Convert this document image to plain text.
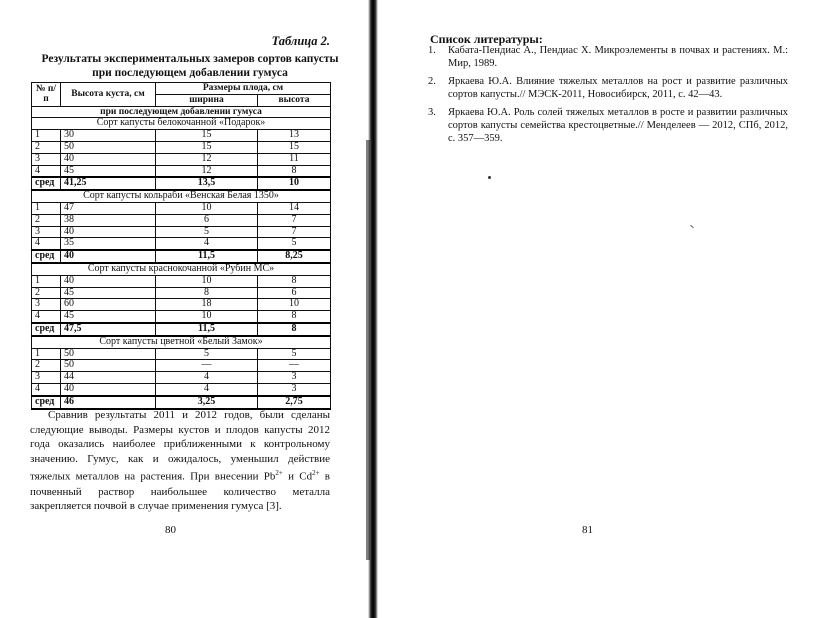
Таблица 2.
Результаты экспериментальных замеров сортов капусты
при последующем добавлении гумуса
№ п/п	Высота куста, см	Размеры плода, см	
		ширина	высота
при последующем добавлении гумуса			
Сорт капусты белокочанной «Подарок»			
1	30	15	13
2	50	15	15
3	40	12	11
4	45	12	8
сред	41,25	13,5	10
Сорт капусты кольраби «Венская Белая 1350»			
1	47	10	14
2	38	6	7
3	40	5	7
4	35	4	5
сред	40	11,5	8,25
Сорт капусты краснокочанной «Рубин МС»			
1	40	10	8
2	45	8	6
3	60	18	10
4	45	10	8
сред	47,5	11,5	8
Сорт капусты цветной «Белый Замок»			
1	50	5	5
2	50	—	—
3	44	4	3
4	40	4	3
сред	46	3,25	2,75

Сравнив результаты 2011 и 2012 годов, были сделаны следующие выводы. Размеры кустов и плодов капусты 2012 года оказались наиболее приближенными к контрольному значению. Гумус, как и ожидалось, уменьшил действие тяжелых металлов на растения. При внесении $Pb^{2+}$ и $Cd^{2+}$ в почвенный раствор наибольшее количество металла закрепляется почвой в случае применения гумуса [3].

80
Список литературы:
1.	Кабата-Пендиас А., Пендиас Х. Микроэлементы в почвах и растениях. М.: Мир, 1989.
2.	Яркаева Ю.А. Влияние тяжелых металлов на рост и развитие различных сортов капусты.// МЭСК-2011, Новосибирск, 2011, с. 42—43.
3.	Яркаева Ю.А. Роль солей тяжелых металлов в росте и развитии различных сортов капусты семейства крестоцветные.// Менделеев — 2012, СПб, 2012, с. 357—359.
81
